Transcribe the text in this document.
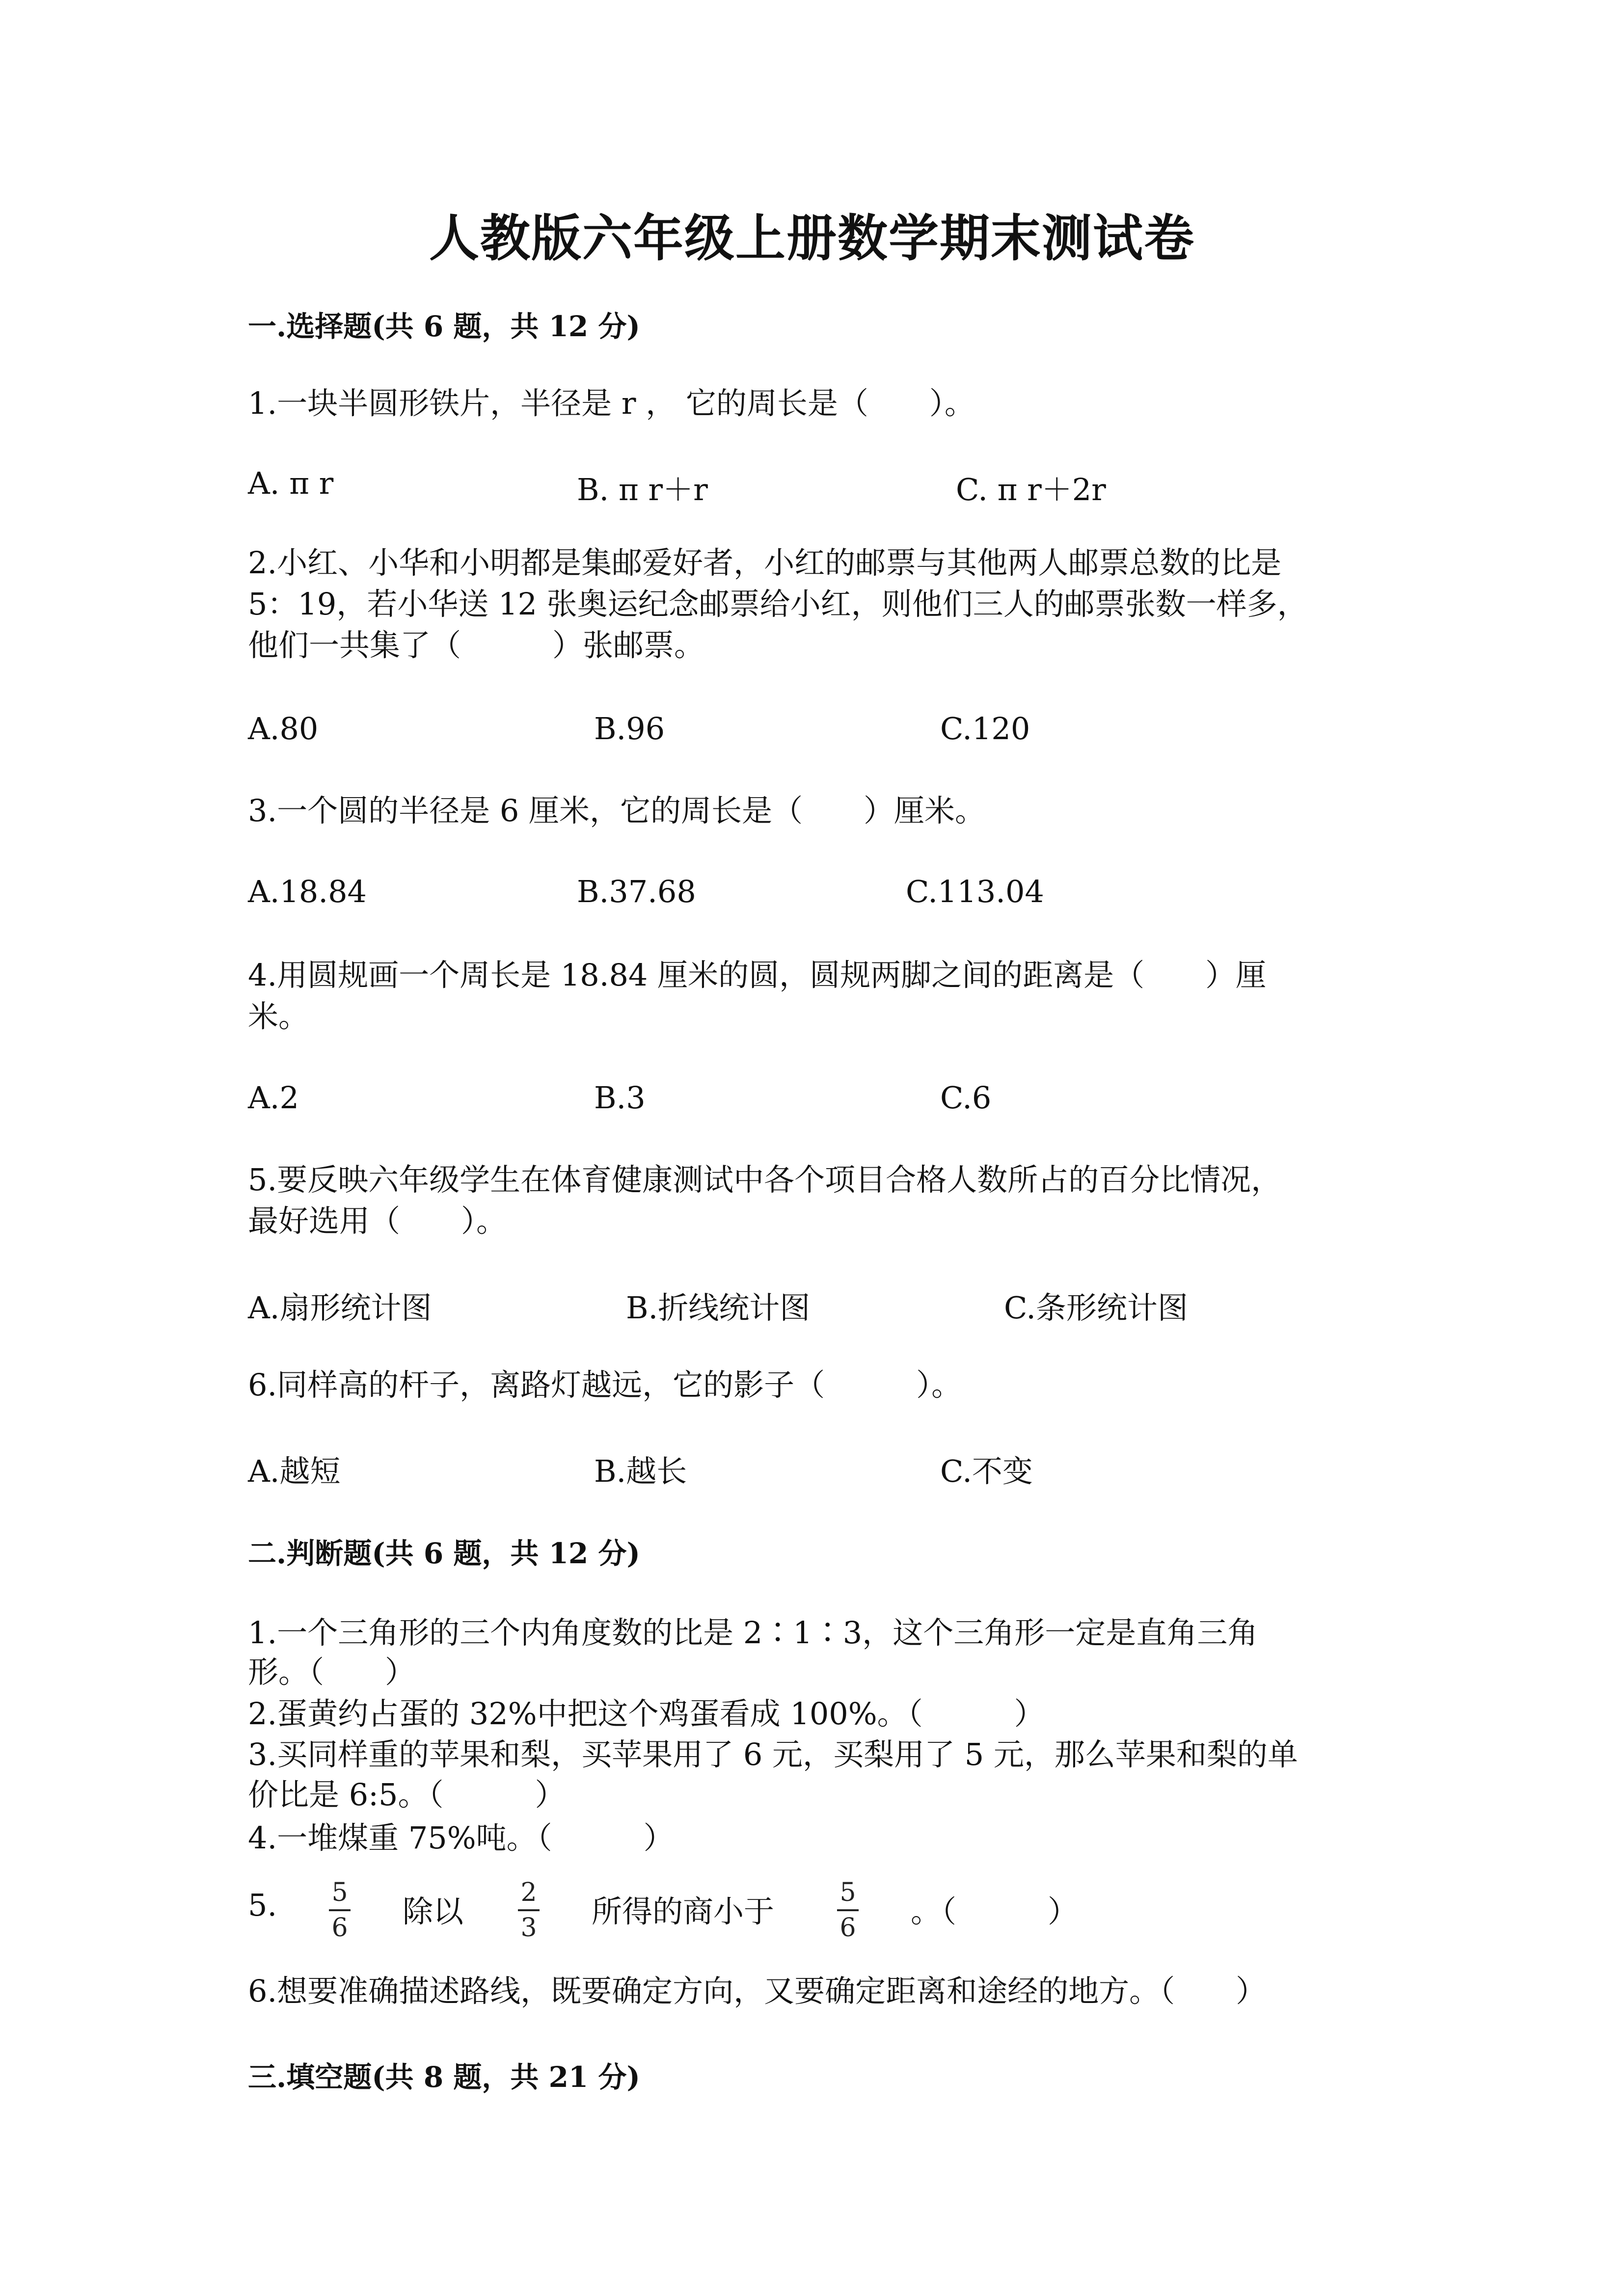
人教版六年级上册数学期末测试卷
一.选择题(共 6 题，共 12 分)
1.一块半圆形铁片，半径是 r ， 它的周长是（　　）。
A. π r	B. π r＋r	C. π r＋2r
2.小红、小华和小明都是集邮爱好者，小红的邮票与其他两人邮票总数的比是
5：19，若小华送 12 张奥运纪念邮票给小红，则他们三人的邮票张数一样多，
他们一共集了（　　　）张邮票。
A.80	B.96	C.120
3.一个圆的半径是 6 厘米，它的周长是（　　）厘米。
A.18.84	B.37.68	C.113.04
4.用圆规画一个周长是 18.84 厘米的圆，圆规两脚之间的距离是（　　）厘
米。
A.2	B.3	C.6
5.要反映六年级学生在体育健康测试中各个项目合格人数所占的百分比情况，
最好选用（　　）。
A.扇形统计图	B.折线统计图	C.条形统计图
6.同样高的杆子，离路灯越远，它的影子（　　　）。
A.越短	B.越长	C.不变
二.判断题(共 6 题，共 12 分)
1.一个三角形的三个内角度数的比是 2∶1∶3，这个三角形一定是直角三角
形。（　　）
2.蛋黄约占蛋的 32%中把这个鸡蛋看成 100%。（　　　）
3.买同样重的苹果和梨，买苹果用了 6 元，买梨用了 5 元，那么苹果和梨的单
价比是 6:5。（　　　）
4.一堆煤重 75%吨。（　　　）
5. 5
6 除以
2
3 所得的商小于
5
6 。（　　　）
6.想要准确描述路线，既要确定方向，又要确定距离和途经的地方。（　　）
三.填空题(共 8 题，共 21 分)
